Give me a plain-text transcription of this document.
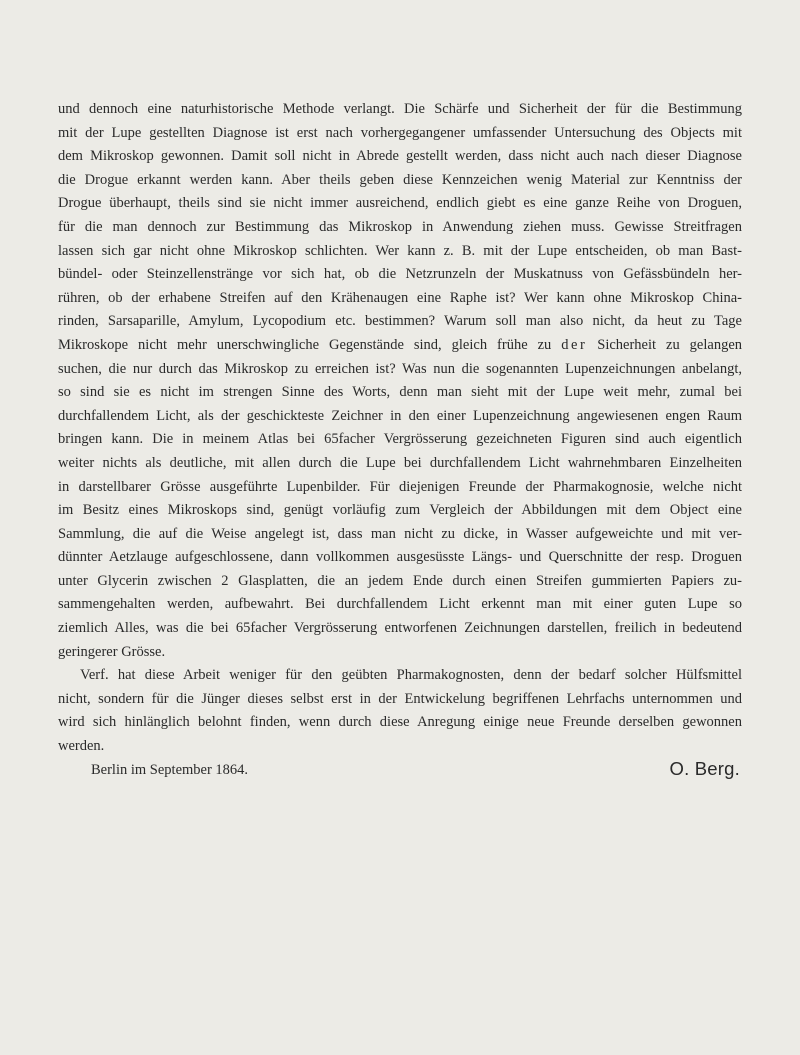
und dennoch eine naturhistorische Methode verlangt. Die Schärfe und Sicherheit der für die Bestimmung
mit der Lupe gestellten Diagnose ist erst nach vorhergegangener umfassender Untersuchung des Objects mit
dem Mikroskop gewonnen. Damit soll nicht in Abrede gestellt werden, dass nicht auch nach dieser Diagnose
die Drogue erkannt werden kann. Aber theils geben diese Kennzeichen wenig Material zur Kenntniss der
Drogue überhaupt, theils sind sie nicht immer ausreichend, endlich giebt es eine ganze Reihe von Droguen,
für die man dennoch zur Bestimmung das Mikroskop in Anwendung ziehen muss. Gewisse Streitfragen
lassen sich gar nicht ohne Mikroskop schlichten. Wer kann z. B. mit der Lupe entscheiden, ob man Bast-
bündel- oder Steinzellenstränge vor sich hat, ob die Netzrunzeln der Muskatnuss von Gefässbündeln her-
rühren, ob der erhabene Streifen auf den Krähenaugen eine Raphe ist? Wer kann ohne Mikroskop China-
rinden, Sarsaparille, Amylum, Lycopodium etc. bestimmen? Warum soll man also nicht, da heut zu Tage
Mikroskope nicht mehr unerschwingliche Gegenstände sind, gleich frühe zu der Sicherheit zu gelangen
suchen, die nur durch das Mikroskop zu erreichen ist? Was nun die sogenannten Lupenzeichnungen anbelangt,
so sind sie es nicht im strengen Sinne des Worts, denn man sieht mit der Lupe weit mehr, zumal bei
durchfallendem Licht, als der geschickteste Zeichner in den einer Lupenzeichnung angewiesenen engen Raum
bringen kann. Die in meinem Atlas bei 65facher Vergrösserung gezeichneten Figuren sind auch eigentlich
weiter nichts als deutliche, mit allen durch die Lupe bei durchfallendem Licht wahrnehmbaren Einzelheiten
in darstellbarer Grösse ausgeführte Lupenbilder. Für diejenigen Freunde der Pharmakognosie, welche nicht
im Besitz eines Mikroskops sind, genügt vorläufig zum Vergleich der Abbildungen mit dem Object eine
Sammlung, die auf die Weise angelegt ist, dass man nicht zu dicke, in Wasser aufgeweichte und mit ver-
dünnter Aetzlauge aufgeschlossene, dann vollkommen ausgesüsste Längs- und Querschnitte der resp. Droguen
unter Glycerin zwischen 2 Glasplatten, die an jedem Ende durch einen Streifen gummierten Papiers zu-
sammengehalten werden, aufbewahrt. Bei durchfallendem Licht erkennt man mit einer guten Lupe so
ziemlich Alles, was die bei 65facher Vergrösserung entworfenen Zeichnungen darstellen, freilich in bedeutend
geringerer Grösse.
Verf. hat diese Arbeit weniger für den geübten Pharmakognosten, denn der bedarf solcher Hülfsmittel
nicht, sondern für die Jünger dieses selbst erst in der Entwickelung begriffenen Lehrfachs unternommen und
wird sich hinlänglich belohnt finden, wenn durch diese Anregung einige neue Freunde derselben gewonnen
werden.
Berlin im September 1864.	O. Berg.
